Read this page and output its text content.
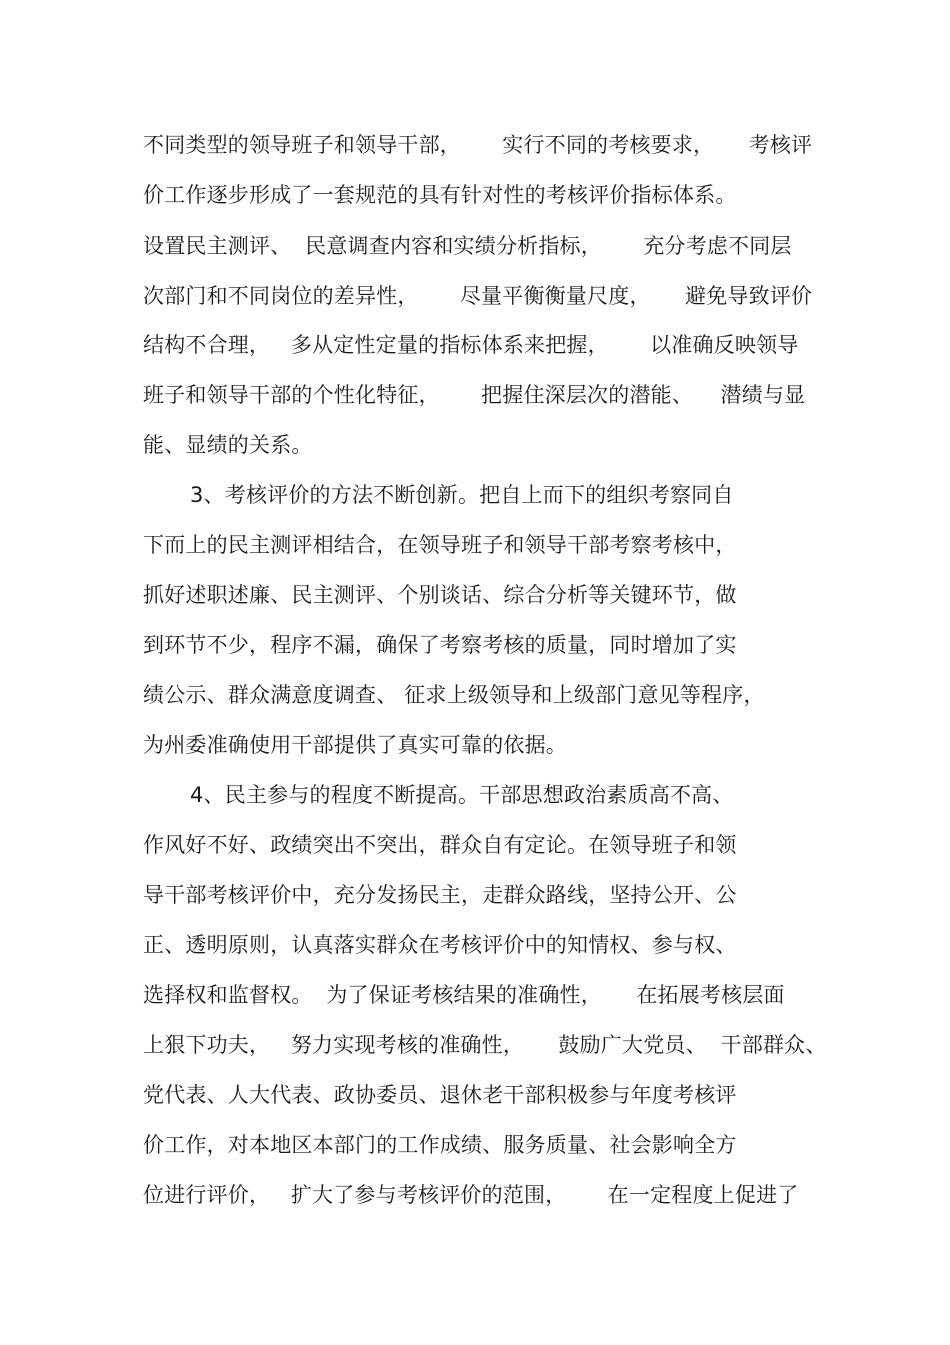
不同类型的领导班子和领导干部，      实行不同的考核要求，     考核评
价工作逐步形成了一套规范的具有针对性的考核评价指标体系。
设置民主测评、  民意调查内容和实绩分析指标，      充分考虑不同层
次部门和不同岗位的差异性，      尽量平衡衡量尺度，     避免导致评价
结构不合理，   多从定性定量的指标体系来把握，      以准确反映领导
班子和领导干部的个性化特征，      把握住深层次的潜能、    潜绩与显
能、显绩的关系。
3、考核评价的方法不断创新。把自上而下的组织考察同自
下而上的民主测评相结合，在领导班子和领导干部考察考核中，
抓好述职述廉、民主测评、个别谈话、综合分析等关键环节，做
到环节不少，程序不漏，确保了考察考核的质量，同时增加了实
绩公示、群众满意度调查、 征求上级领导和上级部门意见等程序，
为州委准确使用干部提供了真实可靠的依据。
4、民主参与的程度不断提高。干部思想政治素质高不高、
作风好不好、政绩突出不突出，群众自有定论。在领导班子和领
导干部考核评价中，充分发扬民主，走群众路线，坚持公开、公
正、透明原则，认真落实群众在考核评价中的知情权、参与权、
选择权和监督权。  为了保证考核结果的准确性，     在拓展考核层面
上狠下功夫，   努力实现考核的准确性，     鼓励广大党员、  干部群众、
党代表、人大代表、政协委员、退休老干部积极参与年度考核评
价工作，对本地区本部门的工作成绩、服务质量、社会影响全方
位进行评价，   扩大了参与考核评价的范围，      在一定程度上促进了
